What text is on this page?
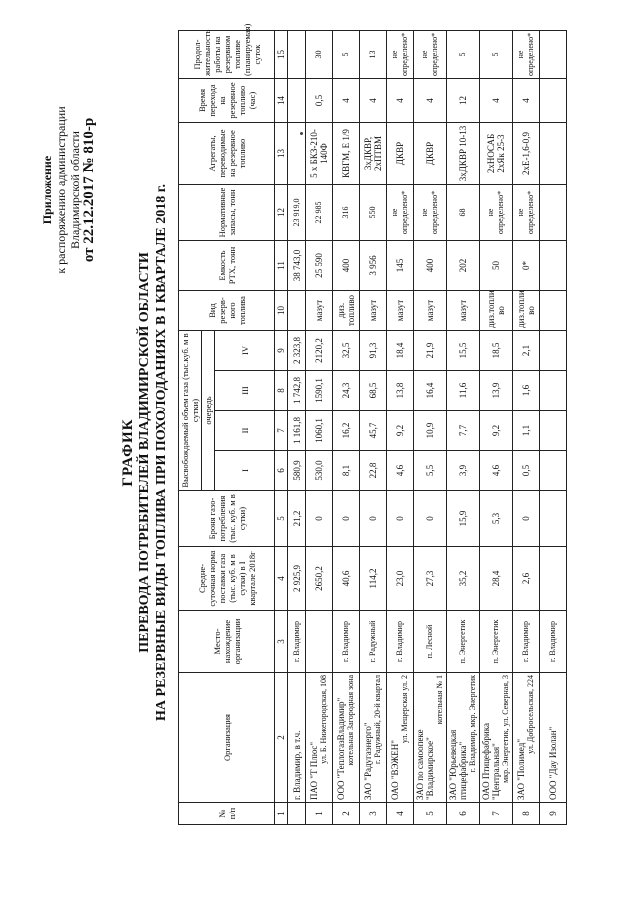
Приложение к распоряжению администрации Владимирской области от 22.12.2017 № 810-р
ГРАФИК ПЕРЕВОДА ПОТРЕБИТЕЛЕЙ ВЛАДИМИРСКОЙ ОБЛАСТИ НА РЕЗЕРВНЫЕ ВИДЫ ТОПЛИВА ПРИ ПОХОЛОДАНИЯХ В I КВАРТАЛЕ 2018 г.
№ п/п	Организация	Место-нахождение организации	Средне-суточная норма поставки газа (тыс. куб. м в сутки) в I квартале 2018г	Броня газо-потребления (тыс. куб. м в сутки)	Высвобождаемый объем газа (тыс.куб. м в сутки)				Вид резерв-ного топлива	Емкость РТХ, тонн	Нормативные запасы, тонн	Агрегаты, переводимые на резервное топливо	Время перехода на резервное топливо (час)	Продол-жительность работы на резервном топливе (планируемая) суток
					очередь									
					I	II	III	IV						
1	2	3	4	5	6	7	8	9	10	11	12	13	14	15

	г. Владимир, в т.ч.	г. Владимир	2 925,9	21,2	580,9	1 161,8	1 742,8	2 323,8		38 743,0	23 919,0			
1	ПАО "Т Плюс"
ул. Б. Нижегородская, 108		2650,2	0	530,0	1060,1	1590,1	2120,2	мазут	25 590	22 985	5 х БКЗ-210-140Ф	0,5	30
2	ООО "ТеплогазВладимир" котельная Загородная зона	г. Владимир	40,6	0	8,1	16,2	24,3	32,5	диз. топливо	400	316	КВГМ, Е 1/9	4	5
3	ЗАО "Радугаэнерго" г. Радужный, 20-й квартал	г. Радужный	114,2	0	22,8	45,7	68,5	91,3	мазут	3 956	550	3хДКВР, 2хПТВМ	4	13
4	ОАО "ВЭЖЕН"
ул. Мещерская ул. 2	г. Владимир	23,0	0	4,6	9,2	13,8	18,4	мазут	145	не определено*	ДКВР	4	не определено*
5	ЗАО по самоопеке "Владимирское"
котельная № 1	п. Лесной	27,3	0	5,5	10,9	16,4	21,9	мазут	400	не определено*	ДКВР	4	не определено*
6	ЗАО "Юрьевецкая птицефабрика" г. Владимир, мкр. Энергетик	п. Энергетик	35,2	15,9	3,9	7,7	11,6	15,5	мазут	202	68	3хДКВР 10-13	12	5
7	ОАО Птицефабрика "Центральная" мкр. Энергетик, ул. Северная, 3	п. Энергетик	28,4	5,3	4,6	9,2	13,9	18,5	диз.топли во	50	не определено*	2хНОСАБ 2хЯк 25-3	4	5
8	ЗАО "Полимед"
ул. Добросельская, 224	г. Владимир	2,6	0	0,5	1,1	1,6	2,1	диз.топли во	0*	не определено*	2хЕ-1,6-0,9	4	не определено*
9	ООО "Дау Изолан"	г. Владимир												
